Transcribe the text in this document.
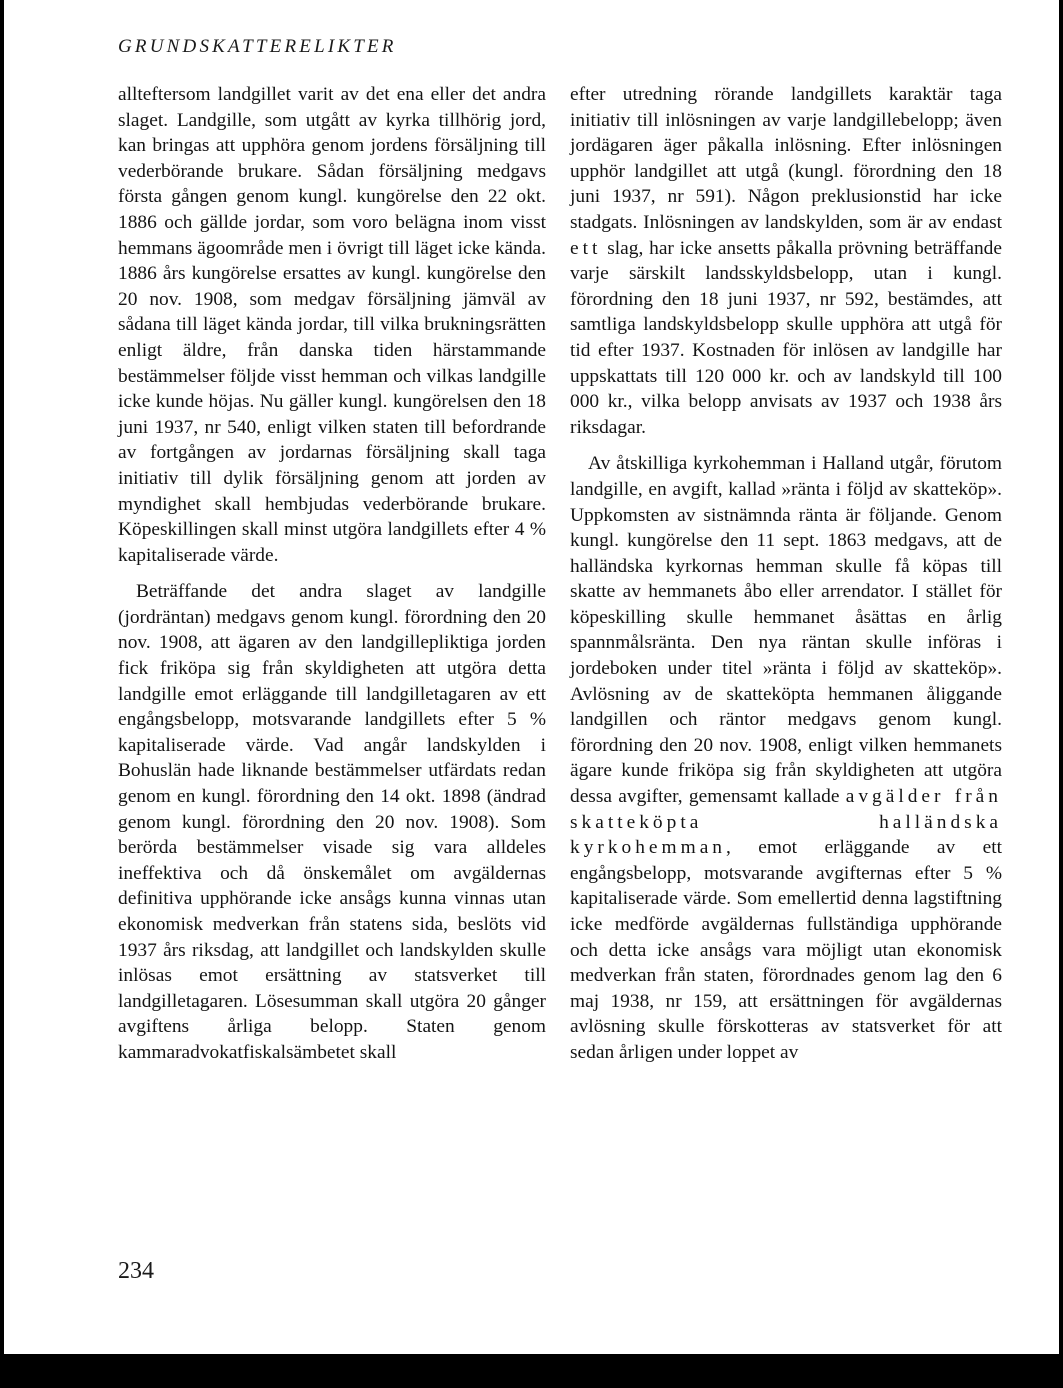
GRUNDSKATTERELIKTER

allteftersom landgillet varit av det ena eller det andra slaget. Landgille, som utgått av kyrka tillhörig jord, kan bringas att upphöra genom jordens försäljning till vederbörande brukare. Sådan försäljning medgavs första gången genom kungl. kungörelse den 22 okt. 1886 och gällde jordar, som voro belägna inom visst hemmans ägoområde men i övrigt till läget icke kända. 1886 års kungörelse ersattes av kungl. kungörelse den 20 nov. 1908, som medgav försäljning jämväl av sådana till läget kända jordar, till vilka brukningsrätten enligt äldre, från danska tiden härstammande bestämmelser följde visst hemman och vilkas landgille icke kunde höjas. Nu gäller kungl. kungörelsen den 18 juni 1937, nr 540, enligt vilken staten till befordrande av fortgången av jordarnas försäljning skall taga initiativ till dylik försäljning genom att jorden av myndighet skall hembjudas vederbörande brukare. Köpeskillingen skall minst utgöra landgillets efter 4 % kapitaliserade värde.

Beträffande det andra slaget av landgille (jordräntan) medgavs genom kungl. förordning den 20 nov. 1908, att ägaren av den landgillepliktiga jorden fick friköpa sig från skyldigheten att utgöra detta landgille emot erläggande till landgilletagaren av ett engångsbelopp, motsvarande landgillets efter 5 % kapitaliserade värde. Vad angår landskylden i Bohuslän hade liknande bestämmelser utfärdats redan genom en kungl. förordning den 14 okt. 1898 (ändrad genom kungl. förordning den 20 nov. 1908). Som berörda bestämmelser visade sig vara alldeles ineffektiva och då önskemålet om avgäldernas definitiva upphörande icke ansågs kunna vinnas utan ekonomisk medverkan från statens sida, beslöts vid 1937 års riksdag, att landgillet och landskylden skulle inlösas emot ersättning av statsverket till landgilletagaren. Lösesumman skall utgöra 20 gånger avgiftens årliga belopp. Staten genom kammaradvokatfiskalsämbetet skall

efter utredning rörande landgillets karaktär taga initiativ till inlösningen av varje landgillebelopp; även jordägaren äger påkalla inlösning. Efter inlösningen upphör landgillet att utgå (kungl. förordning den 18 juni 1937, nr 591). Någon preklusionstid har icke stadgats. Inlösningen av landskylden, som är av endast ett slag, har icke ansetts påkalla prövning beträffande varje särskilt landsskyldsbelopp, utan i kungl. förordning den 18 juni 1937, nr 592, bestämdes, att samtliga landskyldsbelopp skulle upphöra att utgå för tid efter 1937. Kostnaden för inlösen av landgille har uppskattats till 120 000 kr. och av landskyld till 100 000 kr., vilka belopp anvisats av 1937 och 1938 års riksdagar.

Av åtskilliga kyrkohemman i Halland utgår, förutom landgille, en avgift, kallad »ränta i följd av skatteköp». Uppkomsten av sistnämnda ränta är följande. Genom kungl. kungörelse den 11 sept. 1863 medgavs, att de halländska kyrkornas hemman skulle få köpas till skatte av hemmanets åbo eller arrendator. I stället för köpeskilling skulle hemmanet åsättas en årlig spannmålsränta. Den nya räntan skulle införas i jordeboken under titel »ränta i följd av skatteköp». Avlösning av de skatteköpta hemmanen åliggande landgillen och räntor medgavs genom kungl. förordning den 20 nov. 1908, enligt vilken hemmanets ägare kunde friköpa sig från skyldigheten att utgöra dessa avgifter, gemensamt kallade avgälder från skatteköpta halländska kyrkohemman, emot erläggande av ett engångsbelopp, motsvarande avgifternas efter 5 % kapitaliserade värde. Som emellertid denna lagstiftning icke medförde avgäldernas fullständiga upphörande och detta icke ansågs vara möjligt utan ekonomisk medverkan från staten, förordnades genom lag den 6 maj 1938, nr 159, att ersättningen för avgäldernas avlösning skulle förskotteras av statsverket för att sedan årligen under loppet av

234
